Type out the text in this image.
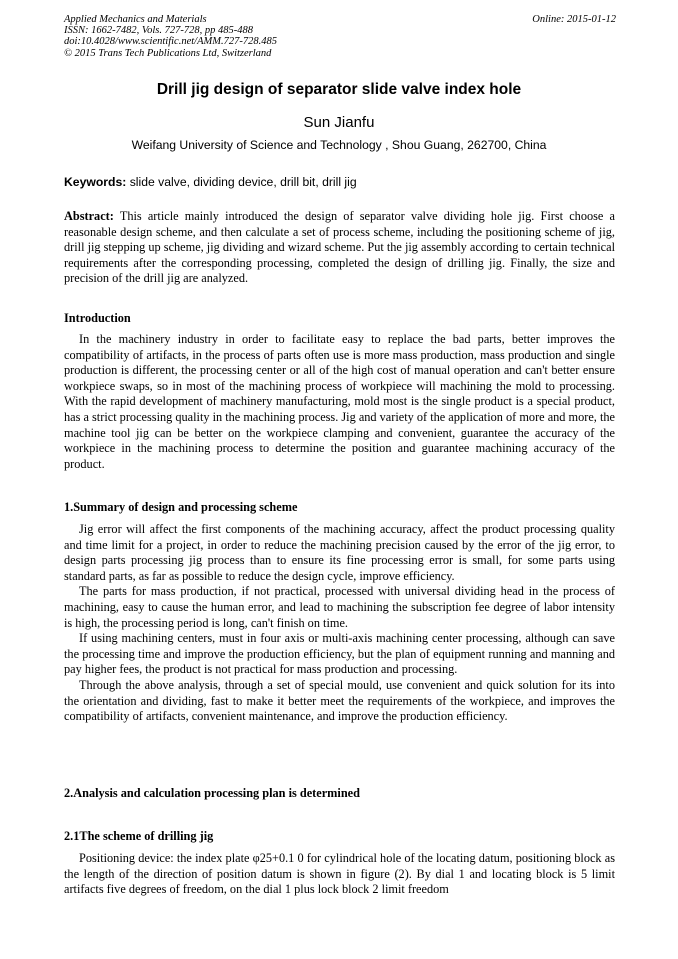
Applied Mechanics and Materials
ISSN: 1662-7482, Vols. 727-728, pp 485-488
doi:10.4028/www.scientific.net/AMM.727-728.485
© 2015 Trans Tech Publications Ltd, Switzerland
Online: 2015-01-12
Drill jig design of separator slide valve index hole
Sun Jianfu
Weifang University of Science and Technology , Shou Guang, 262700, China
Keywords: slide valve, dividing device, drill bit, drill jig

Abstract: This article mainly introduced the design of separator valve dividing hole jig. First choose a reasonable design scheme, and then calculate a set of process scheme, including the positioning scheme of jig, drill jig stepping up scheme, jig dividing and wizard scheme. Put the jig assembly according to certain technical requirements after the corresponding processing, completed the design of drilling jig. Finally, the size and precision of the drill jig are analyzed.

Introduction

In the machinery industry in order to facilitate easy to replace the bad parts, better improves the compatibility of artifacts, in the process of parts often use is more mass production, mass production and single production is different, the processing center or all of the high cost of manual operation and can't better ensure workpiece swaps, so in most of the machining process of workpiece will machining the mold to processing. With the rapid development of machinery manufacturing, mold most is the single product is a special product, has a strict processing quality in the machining process. Jig and variety of the application of more and more, the machine tool jig can be better on the workpiece clamping and convenient, guarantee the accuracy of the workpiece in the machining process to determine the position and guarantee machining accuracy of the product.

1.Summary of design and processing scheme

Jig error will affect the first components of the machining accuracy, affect the product processing quality and time limit for a project, in order to reduce the machining precision caused by the error of the jig error, to design parts processing jig process than to ensure its fine processing error is small, for some parts using standard parts, as far as possible to reduce the design cycle, improve efficiency.

The parts for mass production, if not practical, processed with universal dividing head in the process of machining, easy to cause the human error, and lead to machining the subscription fee degree of labor intensity is high, the processing period is long, can't finish on time.

If using machining centers, must in four axis or multi-axis machining center processing, although can save the processing time and improve the production efficiency, but the plan of equipment running and manning and pay higher fees, the product is not practical for mass production and processing.

Through the above analysis, through a set of special mould, use convenient and quick solution for its into the orientation and dividing, fast to make it better meet the requirements of the workpiece, and improves the compatibility of artifacts, convenient maintenance, and improve the production efficiency.

2.Analysis and calculation processing plan is determined
2.1The scheme of drilling jig

Positioning device: the index plate φ25+0.1 0 for cylindrical hole of the locating datum, positioning block as the length of the direction of position datum is shown in figure (2). By dial 1 and locating block is 5 limit artifacts five degrees of freedom, on the dial 1 plus lock block 2 limit freedom
